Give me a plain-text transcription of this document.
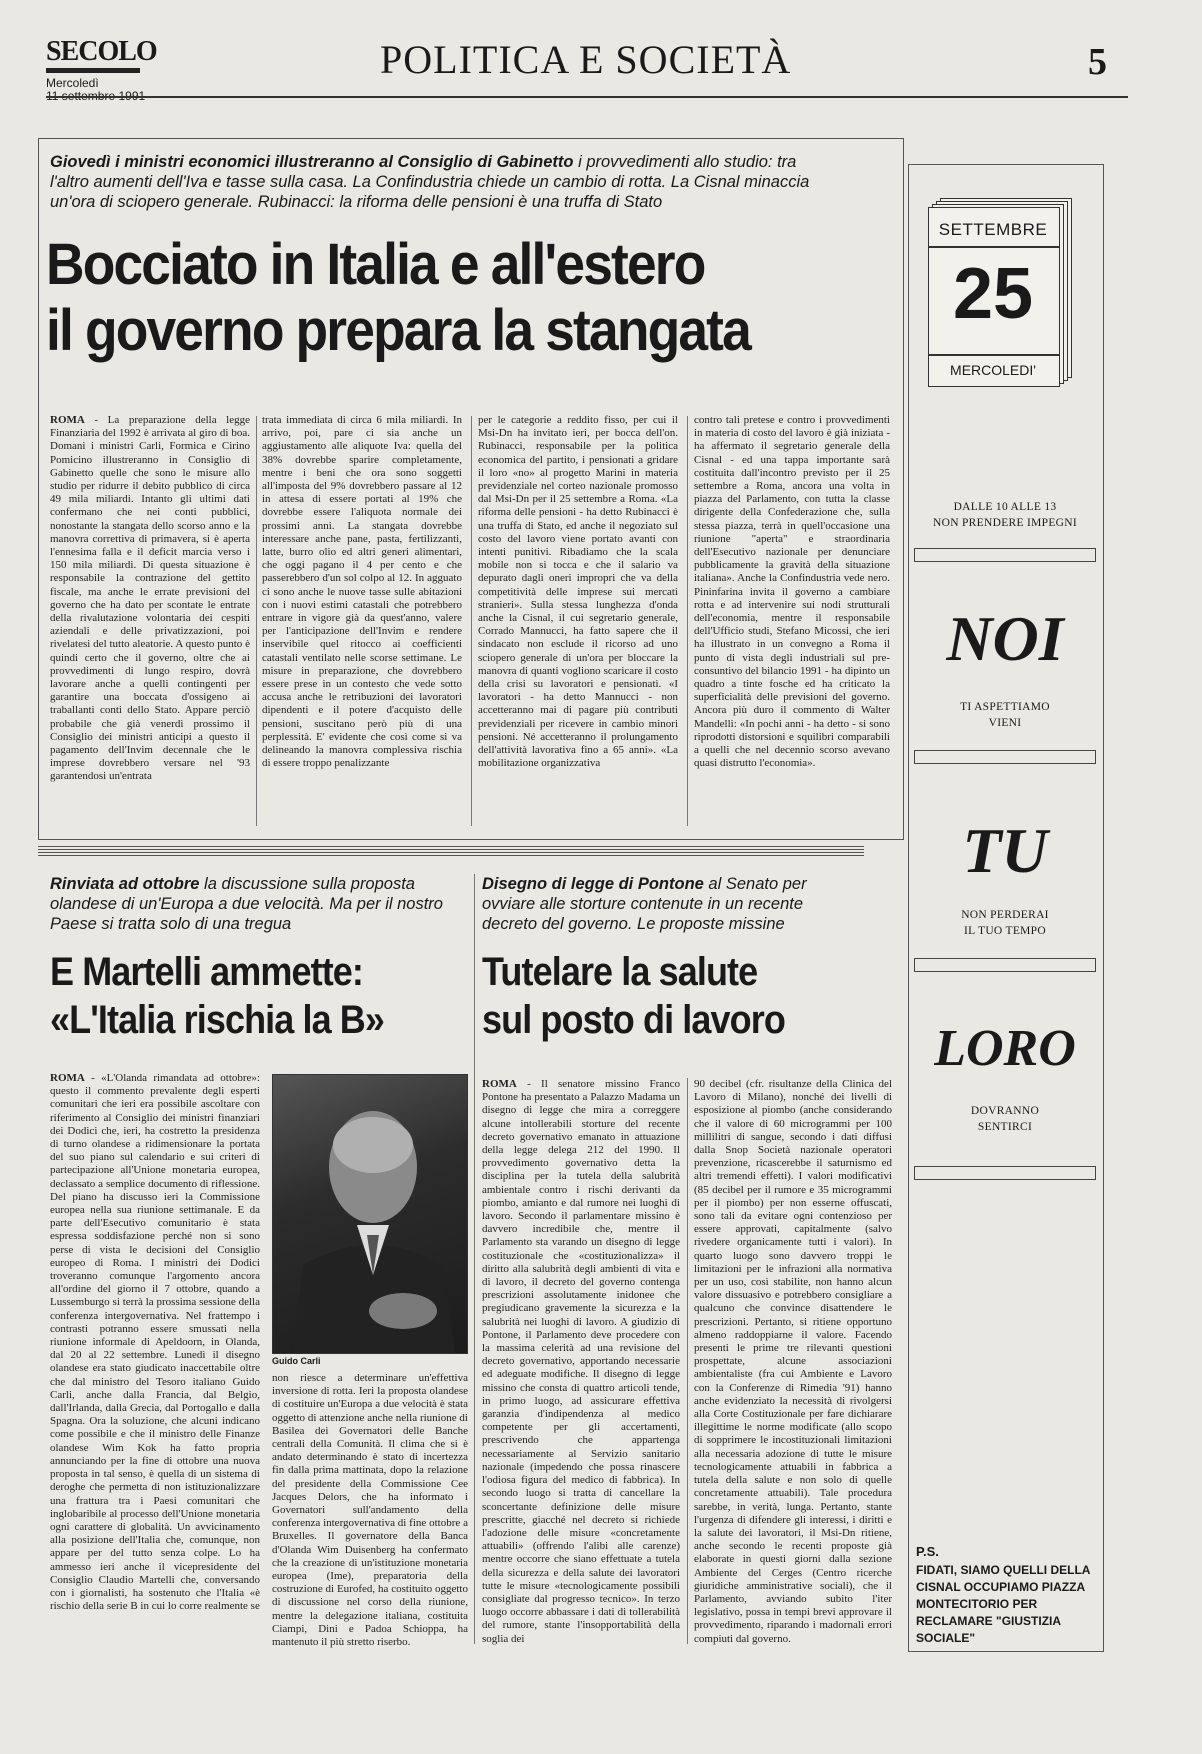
SECOLO
Mercoledì
POLITICA E SOCIETÀ	5
Giovedì i ministri economici illustreranno al Consiglio di Gabinetto i provvedimenti allo studio: tra l'altro aumenti dell'Iva e tasse sulla casa. La Confindustria chiede un cambio di rotta. La Cisnal minaccia un'ora di sciopero generale. Rubinacci: la riforma delle pensioni è una truffa di Stato
Bocciato in Italia e all'estero
il governo prepara la stangata
ROMA - La preparazione della legge Finanziaria del 1992 è arrivata al giro di boa. Domani i ministri Carli, Formica e Cirino Pomicino illustreranno in Consiglio di Gabinetto quelle che sono le misure allo studio per ridurre il debito pubblico di circa 49 mila miliardi. Intanto gli ultimi dati confermano che nei conti pubblici, nonostante la stangata dello scorso anno e la manovra correttiva di primavera, si è aperta l'ennesima falla e il deficit marcia verso i 150 mila miliardi. Di questa situazione è responsabile la contrazione del gettito fiscale, ma anche le errate previsioni del governo che ha dato per scontate le entrate della rivalutazione volontaria dei cespiti aziendali e delle privatizzazioni, poi rivelatesi del tutto aleatorie. A questo punto è quindi certo che il governo, oltre che ai provvedimenti di lungo respiro, dovrà lavorare anche a quelli contingenti per garantire una boccata d'ossigeno ai traballanti conti dello Stato. Appare perciò probabile che già venerdì prossimo il Consiglio dei ministri anticipi a questo il pagamento dell'Invim decennale che le imprese dovrebbero versare nel '93 garantendosi un'entrata
trata immediata di circa 6 mila miliardi. In arrivo, poi, pare ci sia anche un aggiustamento alle aliquote Iva: quella del 38% dovrebbe sparire completamente, mentre i beni che ora sono soggetti all'imposta del 9% dovrebbero passare al 12 in attesa di essere portati al 19% che dovrebbe essere l'aliquota normale dei prossimi anni. La stangata dovrebbe interessare anche pane, pasta, fertilizzanti, latte, burro olio ed altri generi alimentari, che oggi pagano il 4 per cento e che passerebbero d'un sol colpo al 12. In agguato ci sono anche le nuove tasse sulle abitazioni con i nuovi estimi catastali che potrebbero entrare in vigore già da quest'anno, valere per l'anticipazione dell'Invim e rendere inservibile quel ritocco ai coefficienti catastali ventilato nelle scorse settimane. Le misure in preparazione, che dovrebbero essere prese in un contesto che vede sotto accusa anche le retribuzioni dei lavoratori dipendenti e il potere d'acquisto delle pensioni, suscitano però più di una perplessità. E' evidente che così come si va delineando la manovra complessiva rischia di essere troppo penalizzante
per le categorie a reddito fisso, per cui il Msi-Dn ha invitato ieri, per bocca dell'on. Rubinacci, responsabile per la politica economica del partito, i pensionati a gridare il loro «no» al progetto Marini in materia previdenziale nel corteo nazionale promosso dal Msi-Dn per il 25 settembre a Roma. «La riforma delle pensioni - ha detto Rubinacci è una truffa di Stato, ed anche il negoziato sul costo del lavoro viene portato avanti con intenti punitivi. Ribadiamo che la scala mobile non si tocca e che il salario va depurato dagli oneri impropri che va della competitività delle imprese sui mercati stranieri». Sulla stessa lunghezza d'onda anche la Cisnal, il cui segretario generale, Corrado Mannucci, ha fatto sapere che il sindacato non esclude il ricorso ad uno sciopero generale di un'ora per bloccare la manovra di quanti vogliono scaricare il costo della crisi su lavoratori e pensionati. «I lavoratori - ha detto Mannucci - non accetteranno mai di pagare più contributi previdenziali per ricevere in cambio minori pensioni. Né accetteranno il prolungamento dell'attività lavorativa fino a 65 anni». «La mobilitazione organizzativa
contro tali pretese e contro i provvedimenti in materia di costo del lavoro è già iniziata - ha affermato il segretario generale della Cisnal - ed una tappa importante sarà costituita dall'incontro previsto per il 25 settembre a Roma, ancora una volta in piazza del Parlamento, con tutta la classe dirigente della Confederazione che, sulla stessa piazza, terrà in quell'occasione una riunione "aperta" e straordinaria dell'Esecutivo nazionale per denunciare pubblicamente la gravità della situazione italiana». Anche la Confindustria vede nero. Pininfarina invita il governo a cambiare rotta e ad intervenire sui nodi strutturali dell'economia, mentre il responsabile dell'Ufficio studi, Stefano Micossi, che ieri ha illustrato in un convegno a Roma il punto di vista degli industriali sul pre-consuntivo del bilancio 1991 - ha dipinto un quadro a tinte fosche ed ha criticato la superficialità delle previsioni del governo. Ancora più duro il commento di Walter Mandelli: «In pochi anni - ha detto - si sono riprodotti distorsioni e squilibri comparabili a quelli che nel decennio scorso avevano quasi distrutto l'economia».
Rinviata ad ottobre la discussione sulla proposta olandese di un'Europa a due velocità. Ma per il nostro Paese si tratta solo di una tregua
E Martelli ammette:
«L'Italia rischia la B»
ROMA - «L'Olanda rimandata ad ottobre»: questo il commento prevalente degli esperti comunitari che ieri era possibile ascoltare con riferimento al Consiglio dei ministri finanziari dei Dodici che, ieri, ha costretto la presidenza di turno olandese a ridimensionare la portata del suo piano sul calendario e sui criteri di partecipazione all'Unione monetaria europea, declassato a semplice documento di riflessione. Del piano ha discusso ieri la Commissione europea nella sua riunione settimanale. E da parte dell'Esecutivo comunitario è stata espressa soddisfazione perché non si sono perse di vista le decisioni del Consiglio europeo di Roma. I ministri dei Dodici troveranno comunque l'argomento ancora all'ordine del giorno il 7 ottobre, quando a Lussemburgo si terrà la prossima sessione della conferenza intergovernativa. Nel frattempo i contrasti potranno essere smussati nella riunione informale di Apeldoorn, in Olanda, dal 20 al 22 settembre. Lunedì il disegno olandese era stato giudicato inaccettabile oltre che dal ministro del Tesoro italiano Guido Carli, anche dalla Francia, dal Belgio, dall'Irlanda, dalla Grecia, dal Portogallo e dalla Spagna. Ora la soluzione, che alcuni indicano come possibile e che il ministro delle Finanze olandese Wim Kok ha fatto propria annunciando per la fine di ottobre una nuova proposta in tal senso, è quella di un sistema di deroghe che permetta di non istituzionalizzare una frattura tra i Paesi comunitari che inglobaribile al processo dell'Unione monetaria ogni carattere di globalità. Un avvicinamento alla posizione dell'Italia che, comunque, non appare per del tutto senza colpe. Lo ha ammesso ieri anche il vicepresidente del Consiglio Claudio Martelli che, conversando con i giornalisti, ha sostenuto che l'Italia «è rischio della serie B in cui lo corre realmente se
Guido Carli
non riesce a determinare un'effettiva inversione di rotta. Ieri la proposta olandese di costituire un'Europa a due velocità è stata oggetto di attenzione anche nella riunione di Basilea dei Governatori delle Banche centrali della Comunità. Il clima che si è andato determinando è stato di incertezza fin dalla prima mattinata, dopo la relazione del presidente della Commissione Cee Jacques Delors, che ha informato i Governatori sull'andamento della conferenza intergovernativa di fine ottobre a Bruxelles. Il governatore della Banca d'Olanda Wim Duisenberg ha confermato che la creazione di un'istituzione monetaria europea (Ime), preparatoria della costruzione di Eurofed, ha costituito oggetto di discussione nel corso della riunione, mentre la delegazione italiana, costituita Ciampi, Dini e Padoa Schioppa, ha mantenuto il più stretto riserbo.
Disegno di legge di Pontone al Senato per ovviare alle storture contenute in un recente decreto del governo. Le proposte missine
Tutelare la salute
sul posto di lavoro
ROMA - Il senatore missino Franco Pontone ha presentato a Palazzo Madama un disegno di legge che mira a correggere alcune intollerabili storture del recente decreto governativo emanato in attuazione della legge delega 212 del 1990. Il provvedimento governativo detta la disciplina per la tutela della salubrità ambientale contro i rischi derivanti da piombo, amianto e dal rumore nei luoghi di lavoro. Secondo il parlamentare missino è davvero incredibile che, mentre il Parlamento sta varando un disegno di legge costituzionale che «costituzionalizza» il diritto alla salubrità degli ambienti di vita e di lavoro, il decreto del governo contenga prescrizioni assolutamente inidonee che pregiudicano gravemente la sicurezza e la salubrità nei luoghi di lavoro. A giudizio di Pontone, il Parlamento deve procedere con la massima celerità ad una revisione del decreto governativo, apportando necessarie ed adeguate modifiche. Il disegno di legge missino che consta di quattro articoli tende, in primo luogo, ad assicurare effettiva garanzia d'indipendenza al medico competente per gli accertamenti, prescrivendo che appartenga necessariamente al Servizio sanitario nazionale (impedendo che possa rinascere l'odiosa figura del medico di fabbrica). In secondo luogo si tratta di cancellare la sconcertante definizione delle misure prescritte, giacché nel decreto si richiede l'adozione delle misure «concretamente attuabili» (offrendo l'alibi alle carenze) mentre occorre che siano effettuate a tutela della sicurezza e della salute dei lavoratori tutte le misure «tecnologicamente possibili consigliate dal progresso tecnico». In terzo luogo occorre abbassare i dati di tollerabilità del rumore, stante l'insopportabilità della soglia dei
90 decibel (cfr. risultanze della Clinica del Lavoro di Milano), nonché dei livelli di esposizione al piombo (anche considerando che il valore di 60 microgrammi per 100 millilitri di sangue, secondo i dati diffusi dalla Snop Società nazionale operatori prevenzione, ricascerebbe il saturnismo ed altri tremendi effetti). I valori modificativi (85 decibel per il rumore e 35 microgrammi per il piombo) per non esserne offuscati, sono tali da evitare ogni contenzioso per essere approvati, capitalmente (salvo rivedere organicamente tutti i valori). In quarto luogo sono davvero troppi le limitazioni per le infrazioni alla normativa per un uso, così stabilite, non hanno alcun valore dissuasivo e potrebbero consigliare a qualcuno che convince disattendere le prescrizioni. Pertanto, si ritiene opportuno almeno raddoppiarne il valore. Facendo presenti le prime tre rilevanti questioni prospettate, alcune associazioni ambientaliste (fra cui Ambiente e Lavoro con la Conferenze di Rimedia '91) hanno anche evidenziato la necessità di rivolgersi alla Corte Costituzionale per fare dichiarare illegittime le norme modificate (allo scopo di sopprimere le incostituzionali limitazioni alla necessaria adozione di tutte le misure tecnologicamente attuabili in fabbrica a tutela della salute e non solo di quelle concretamente attuabili). Tale procedura sarebbe, in verità, lunga. Pertanto, stante l'urgenza di difendere gli interessi, i diritti e la salute dei lavoratori, il Msi-Dn ritiene, anche secondo le recenti proposte già elaborate in questi giorni dalla sezione Ambiente del Cerges (Centro ricerche giuridiche amministrative sociali), che il Parlamento, avviando subito l'iter legislativo, possa in tempi brevi approvare il provvedimento, riparando i madornali errori compiuti dal governo.
SETTEMBRE
25
MERCOLEDI'
DALLE 10 ALLE 13
NON PRENDERE IMPEGNI
NOI
TI ASPETTIAMO
VIENI
TU
NON PERDERAI
IL TUO TEMPO
LORO
DOVRANNO
SENTIRCI
P.S.
FIDATI, SIAMO QUELLI DELLA CISNAL OCCUPIAMO PIAZZA MONTECITORIO PER RECLAMARE "GIUSTIZIA SOCIALE"
